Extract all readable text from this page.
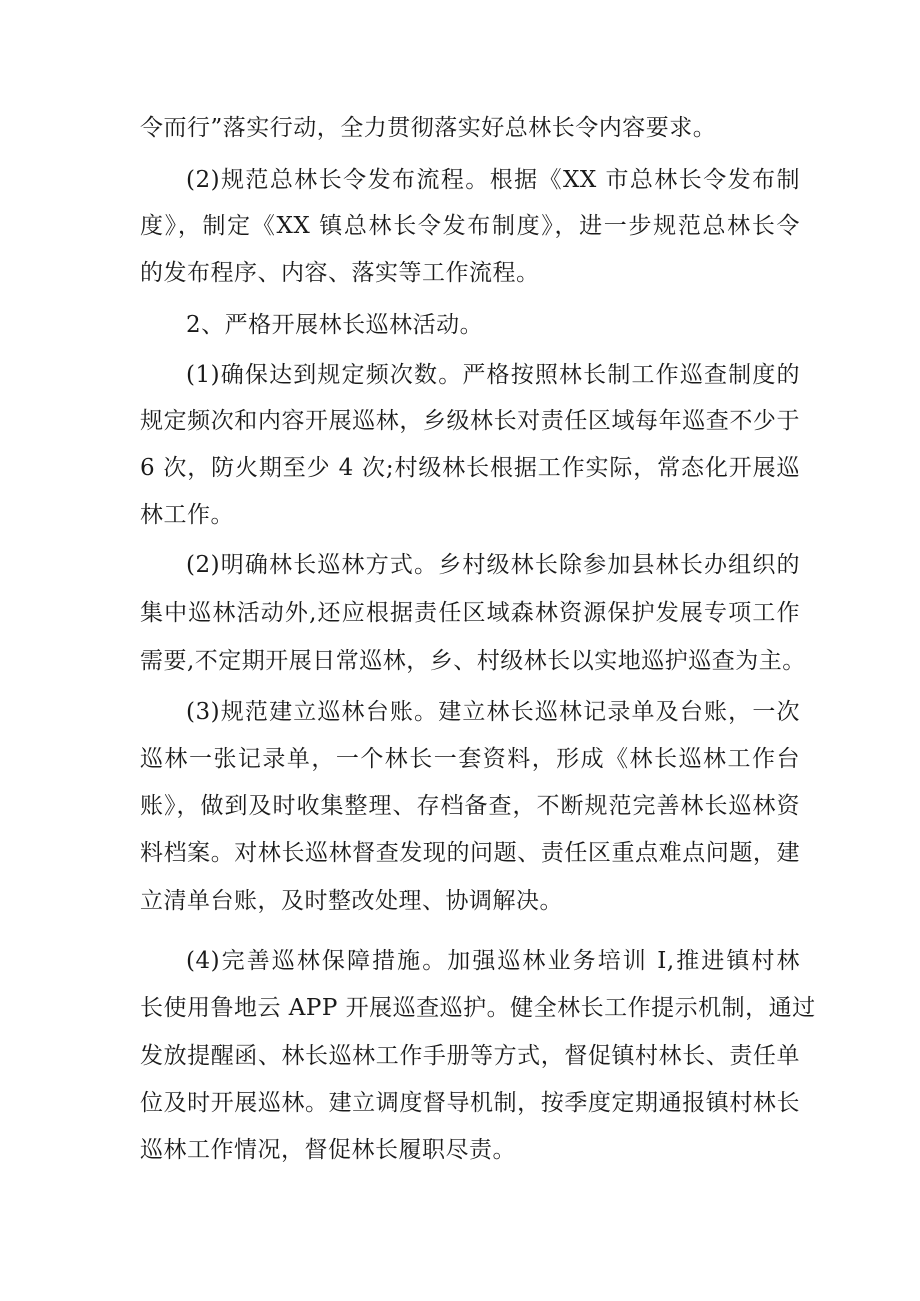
令而行”落实行动，全力贯彻落实好总林长令内容要求。

(2)规范总林长令发布流程。根据《XX 市总林长令发布制

度》，制定《XX 镇总林长令发布制度》，进一步规范总林长令

的发布程序、内容、落实等工作流程。

2、严格开展林长巡林活动。

(1)确保达到规定频次数。严格按照林长制工作巡查制度的

规定频次和内容开展巡林，乡级林长对责任区域每年巡查不少于

6 次，防火期至少 4 次;村级林长根据工作实际，常态化开展巡

林工作。

(2)明确林长巡林方式。乡村级林长除参加县林长办组织的

集中巡林活动外,还应根据责任区域森林资源保护发展专项工作

需要,不定期开展日常巡林，乡、村级林长以实地巡护巡查为主。

(3)规范建立巡林台账。建立林长巡林记录单及台账，一次

巡林一张记录单，一个林长一套资料，形成《林长巡林工作台

账》，做到及时收集整理、存档备查，不断规范完善林长巡林资

料档案。对林长巡林督查发现的问题、责任区重点难点问题，建

立清单台账，及时整改处理、协调解决。

(4)完善巡林保障措施。加强巡林业务培训 I,推进镇村林

长使用鲁地云 APP 开展巡查巡护。健全林长工作提示机制，通过

发放提醒函、林长巡林工作手册等方式，督促镇村林长、责任单

位及时开展巡林。建立调度督导机制，按季度定期通报镇村林长

巡林工作情况，督促林长履职尽责。
